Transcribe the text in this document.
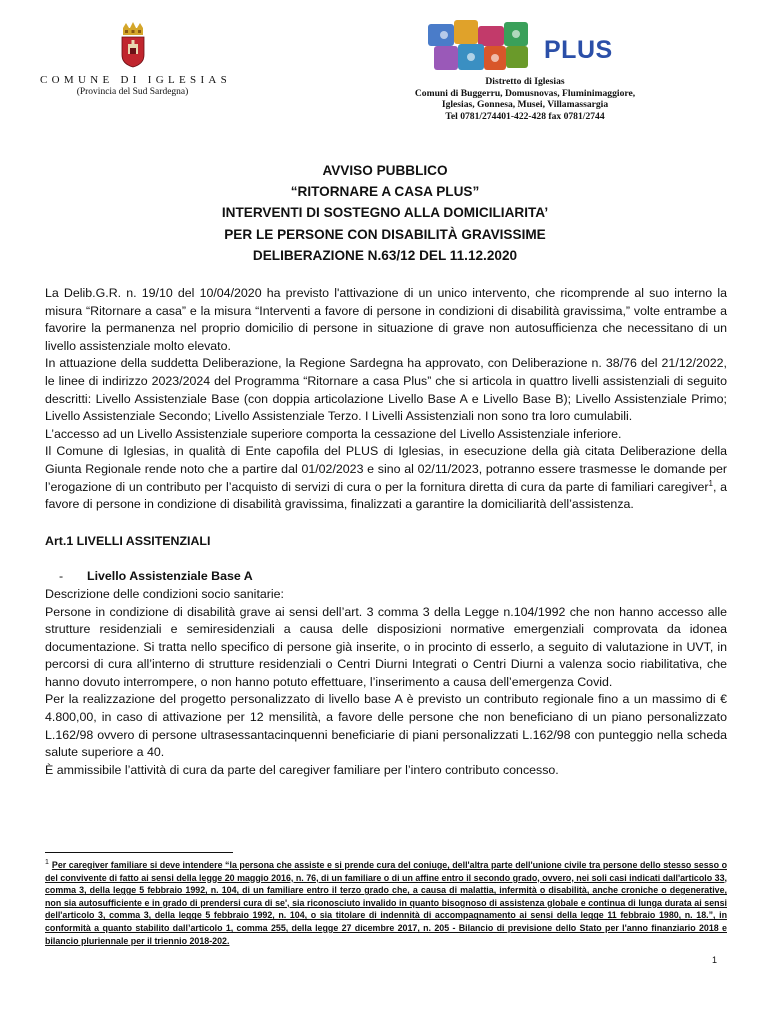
COMUNE DI IGLESIAS
(Provincia del Sud Sardegna)
PLUS
Distretto di Iglesias
Comuni di Buggerru, Domusnovas, Fluminimaggiore,
Iglesias, Gonnesa, Musei, Villamassargia
Tel 0781/274401-422-428 fax 0781/2744
AVVISO PUBBLICO
“RITORNARE A CASA PLUS”
INTERVENTI DI SOSTEGNO ALLA DOMICILIARITA’
PER LE PERSONE CON DISABILITÀ GRAVISSIME
DELIBERAZIONE N.63/12 DEL 11.12.2020

La Delib.G.R. n. 19/10 del 10/04/2020 ha previsto l'attivazione di un unico intervento, che ricomprende al suo interno la misura “Ritornare a casa” e la misura “Interventi a favore di persone in condizioni di disabilità gravissima,” volte entrambe a favorire la permanenza nel proprio domicilio di persone in situazione di grave non autosufficienza che necessitano di un livello assistenziale molto elevato.

In attuazione della suddetta Deliberazione, la Regione Sardegna ha approvato, con Deliberazione n. 38/76 del 21/12/2022, le linee di indirizzo 2023/2024 del Programma “Ritornare a casa Plus” che si articola in quattro livelli assistenziali di seguito descritti: Livello Assistenziale Base (con doppia articolazione Livello Base A e Livello Base B); Livello Assistenziale Primo; Livello Assistenziale Secondo; Livello Assistenziale Terzo. I Livelli Assistenziali non sono tra loro cumulabili.

L’accesso ad un Livello Assistenziale superiore comporta la cessazione del Livello Assistenziale inferiore.

Il Comune di Iglesias, in qualità di Ente capofila del PLUS di Iglesias, in esecuzione della già citata Deliberazione della Giunta Regionale rende noto che a partire dal 01/02/2023 e sino al 02/11/2023, potranno essere trasmesse le domande per l’erogazione di un contributo per l’acquisto di servizi di cura o per la fornitura diretta di cura da parte di familiari caregiver$^1$, a favore di persone in condizione di disabilità gravissima, finalizzati a garantire la domiciliarità dell’assistenza.

Art.1 LIVELLI ASSITENZIALI

- Livello Assistenziale Base A

Descrizione delle condizioni socio sanitarie:

Persone in condizione di disabilità grave ai sensi dell’art. 3 comma 3 della Legge n.104/1992 che non hanno accesso alle strutture residenziali e semiresidenziali a causa delle disposizioni normative emergenziali comprovata da idonea documentazione. Si tratta nello specifico di persone già inserite, o in procinto di esserlo, a seguito di valutazione in UVT, in percorsi di cura all’interno di strutture residenziali o Centri Diurni Integrati o Centri Diurni a valenza socio riabilitativa, che hanno dovuto interrompere, o non hanno potuto effettuare, l’inserimento a causa dell’emergenza Covid.

Per la realizzazione del progetto personalizzato di livello base A è previsto un contributo regionale fino a un massimo di € 4.800,00, in caso di attivazione per 12 mensilità, a favore delle persone che non beneficiano di un piano personalizzato L.162/98 ovvero di persone ultrasessantacinquenni beneficiarie di piani personalizzati L.162/98 con punteggio nella scheda salute superiore a 40.

È ammissibile l’attività di cura da parte del caregiver familiare per l’intero contributo concesso.

$^1$ Per caregiver familiare si deve intendere “la persona che assiste e si prende cura del coniuge, dell'altra parte dell'unione civile tra persone dello stesso sesso o del convivente di fatto ai sensi della legge 20 maggio 2016, n. 76, di un familiare o di un affine entro il secondo grado, ovvero, nei soli casi indicati dall'articolo 33, comma 3, della legge 5 febbraio 1992, n. 104, di un familiare entro il terzo grado che, a causa di malattia, infermità o disabilità, anche croniche o degenerative, non sia autosufficiente e in grado di prendersi cura di se', sia riconosciuto invalido in quanto bisognoso di assistenza globale e continua di lunga durata ai sensi dell'articolo 3, comma 3, della legge 5 febbraio 1992, n. 104, o sia titolare di indennità di accompagnamento ai sensi della legge 11 febbraio 1980, n. 18.”, in conformità a quanto stabilito dall’articolo 1, comma 255, della legge 27 dicembre 2017, n. 205 - Bilancio di previsione dello Stato per l'anno finanziario 2018 e bilancio pluriennale per il triennio 2018-202.
1
